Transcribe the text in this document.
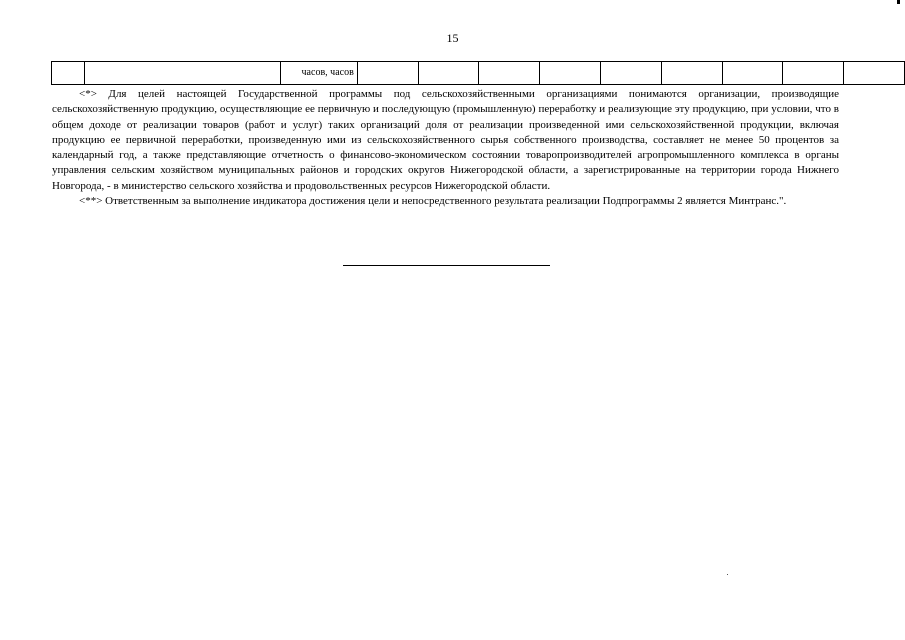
15
		часов, часов									

<*> Для целей настоящей Государственной программы под сельскохозяйственными организациями понимаются организации, производящие сельскохозяйственную продукцию, осуществляющие ее первичную и последующую (промышленную) переработку и реализующие эту продукцию, при условии, что в общем доходе от реализации товаров (работ и услуг) таких организаций доля от реализации произведенной ими сельскохозяйственной продукции, включая продукцию ее первичной переработки, произведенную ими из сельскохозяйственного сырья собственного производства, составляет не менее 50 процентов за календарный год, а также представляющие отчетность о финансово-экономическом состоянии товаропроизводителей агропромышленного комплекса в органы управления сельским хозяйством муниципальных районов и городских округов Нижегородской области, а зарегистрированные на территории города Нижнего Новгорода, - в министерство сельского хозяйства и продовольственных ресурсов Нижегородской области.

<**> Ответственным за выполнение индикатора достижения цели и непосредственного результата реализации Подпрограммы 2 является Минтранс.".
